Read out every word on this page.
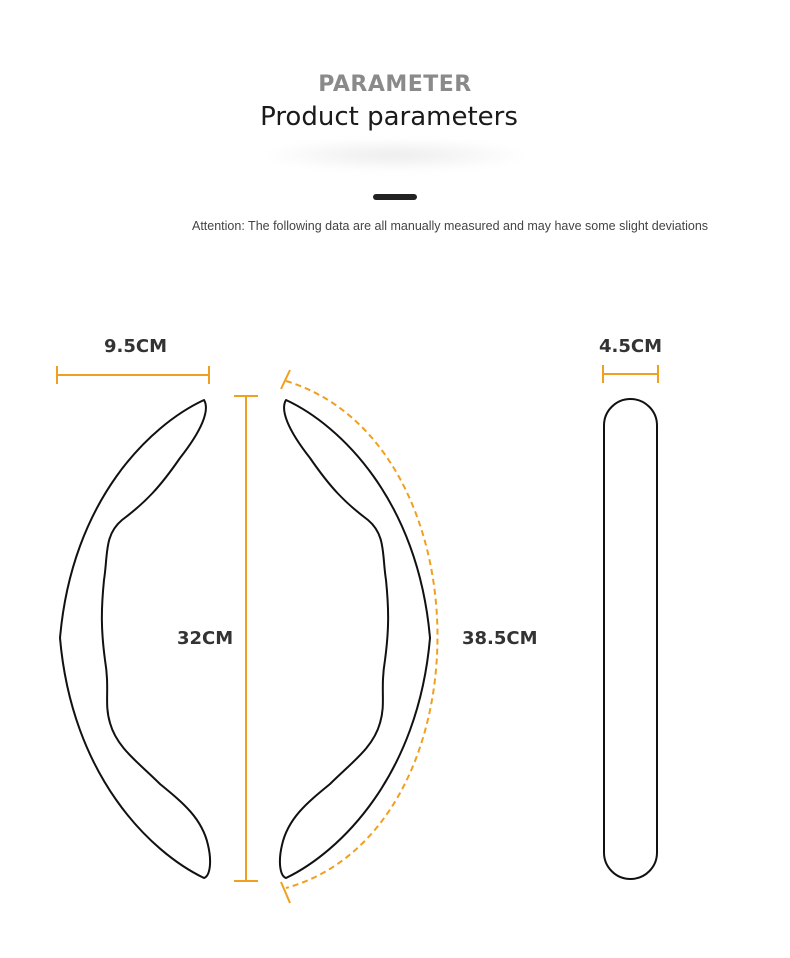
PARAMETER
Product parameters
Attention: The following data are all manually measured and may have some slight deviations
9.5CM
32CM	38.5CM
4.5CM
